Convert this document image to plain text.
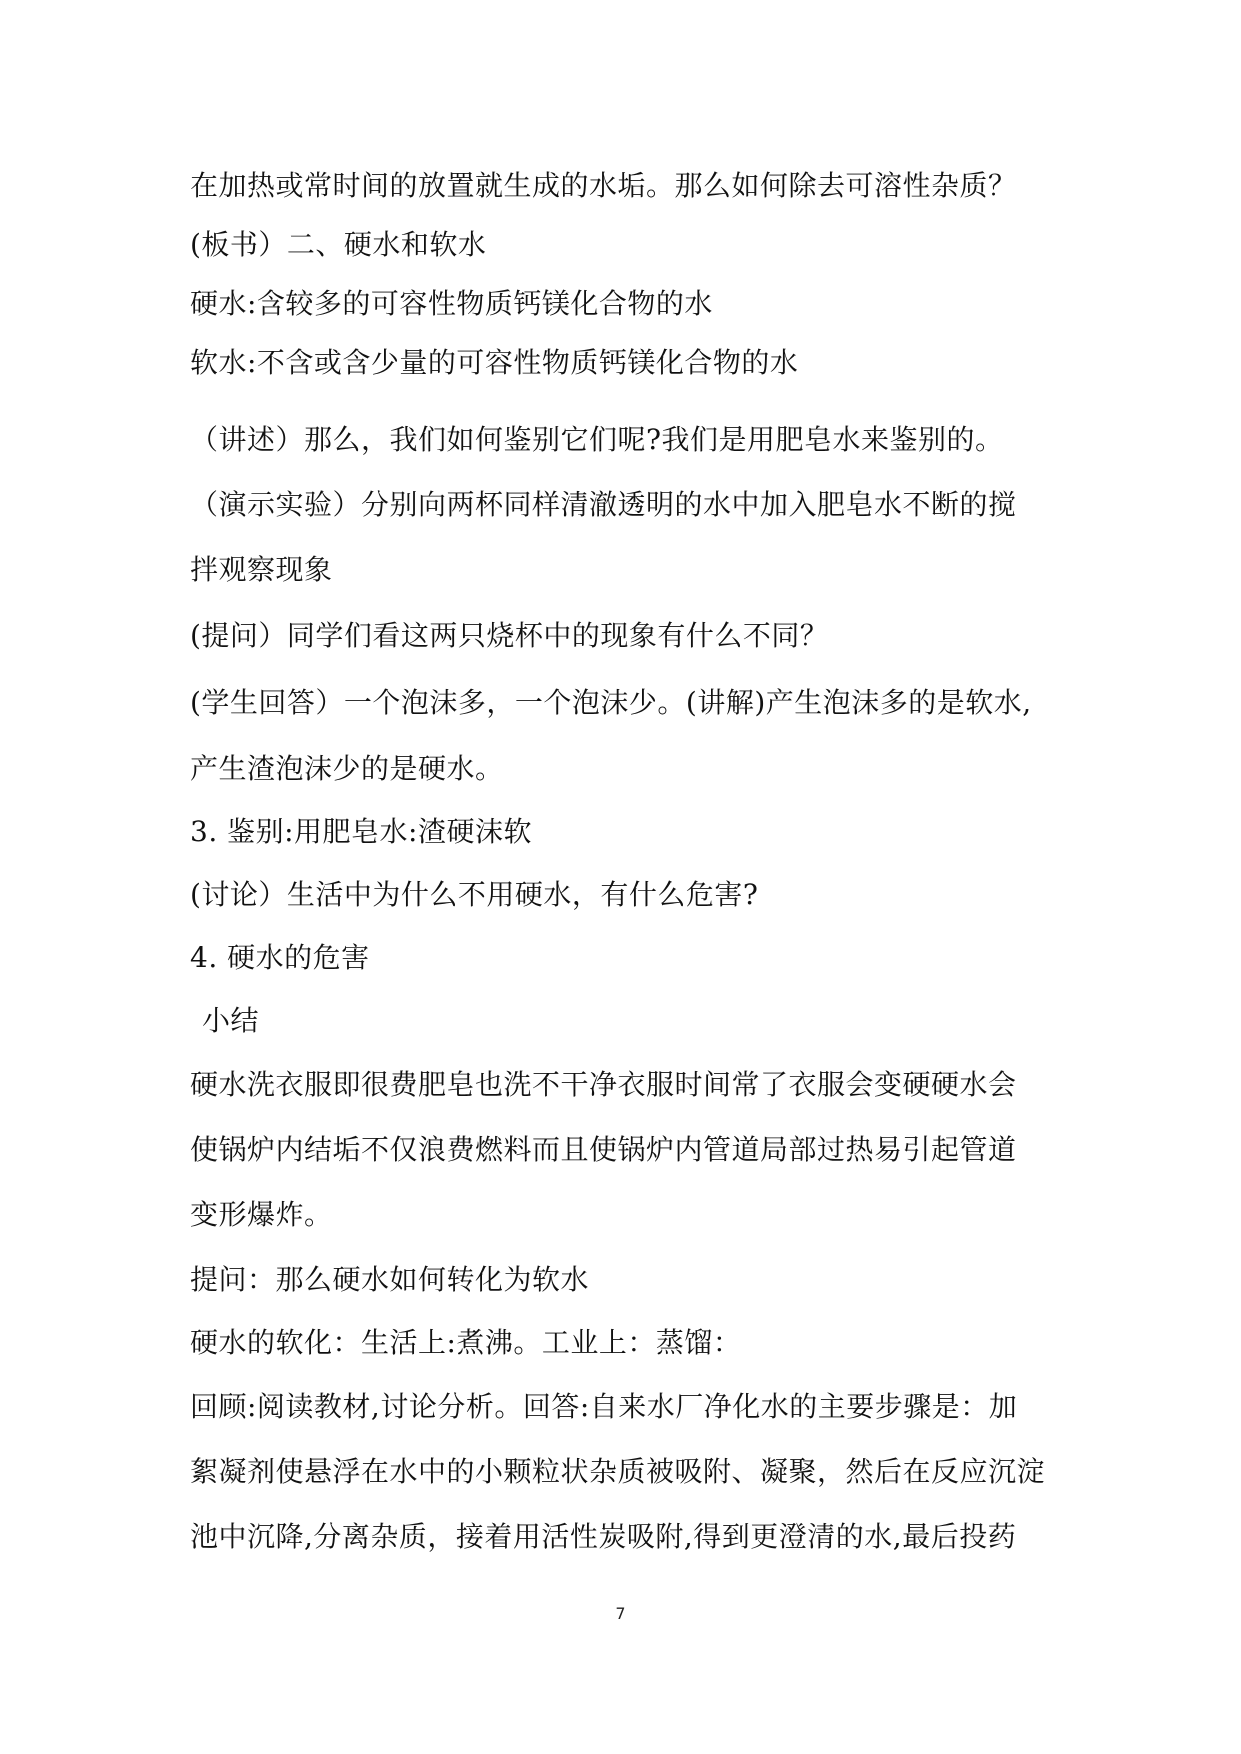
在加热或常时间的放置就生成的水垢。那么如何除去可溶性杂质？
(板书）二、硬水和软水
硬水:含较多的可容性物质钙镁化合物的水
软水:不含或含少量的可容性物质钙镁化合物的水
（讲述）那么，我们如何鉴别它们呢?我们是用肥皂水来鉴别的。
（演示实验）分别向两杯同样清澈透明的水中加入肥皂水不断的搅
拌观察现象
(提问）同学们看这两只烧杯中的现象有什么不同？
(学生回答）一个泡沫多，一个泡沫少。(讲解)产生泡沫多的是软水,
产生渣泡沫少的是硬水。
3. 鉴别:用肥皂水:渣硬沫软
(讨论）生活中为什么不用硬水，有什么危害?
4. 硬水的危害
小结
硬水洗衣服即很费肥皂也洗不干净衣服时间常了衣服会变硬硬水会
使锅炉内结垢不仅浪费燃料而且使锅炉内管道局部过热易引起管道
变形爆炸。
提问：那么硬水如何转化为软水
硬水的软化：生活上:煮沸。工业上：蒸馏：
回顾:阅读教材,讨论分析。回答:自来水厂净化水的主要步骤是：加
絮凝剂使悬浮在水中的小颗粒状杂质被吸附、凝聚，然后在反应沉淀
池中沉降,分离杂质，接着用活性炭吸附,得到更澄清的水,最后投药
7
